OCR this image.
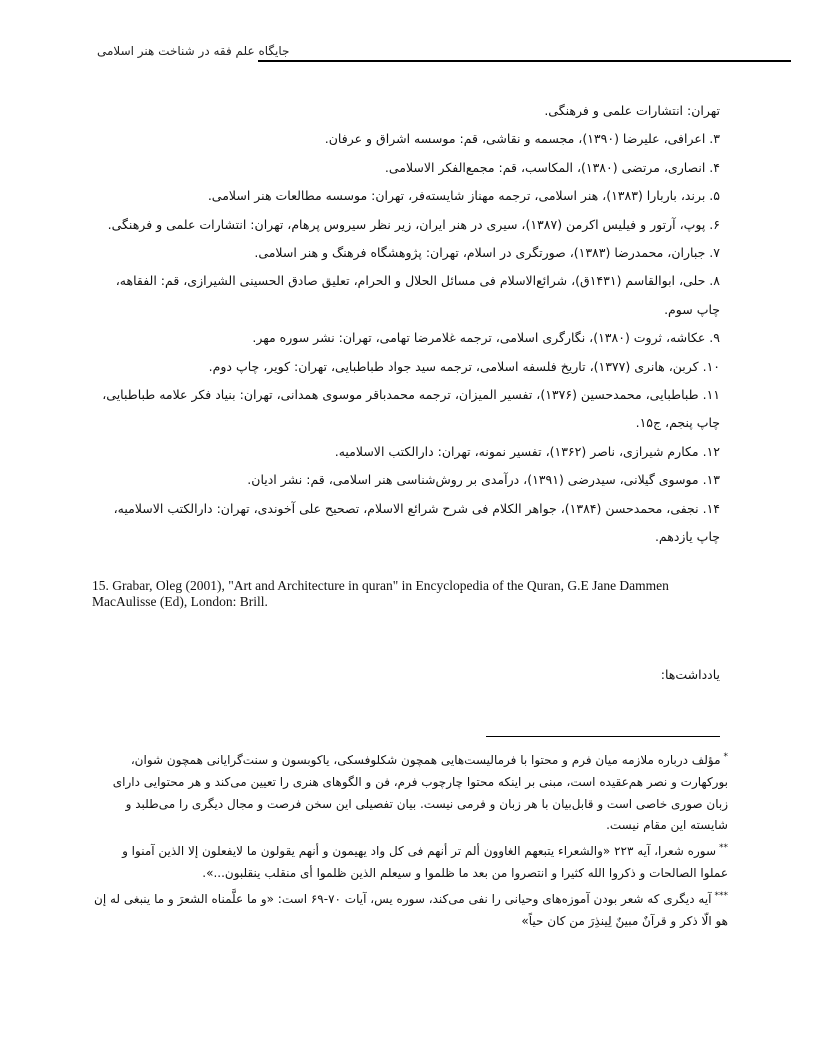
جایگاه علم فقه در شناخت هنر اسلامی

تهران: انتشارات علمی و فرهنگی.

۳. اعرافی، علیرضا (۱۳۹۰)، مجسمه و نقاشی، قم: موسسه اشراق و عرفان.

۴. انصاری، مرتضی (۱۳۸۰)، المکاسب، قم: مجمع‌الفکر الاسلامی.

۵. برند، باربارا (۱۳۸۳)، هنر اسلامی، ترجمه مهناز شایسته‌فر، تهران: موسسه مطالعات هنر اسلامی.

۶. پوپ، آرتور و فیلیس اکرمن (۱۳۸۷)، سیری در هنر ایران، زیر نظر سیروس پرهام، تهران: انتشارات علمی و فرهنگی.

۷. جباران، محمدرضا (۱۳۸۳)، صورتگری در اسلام، تهران: پژوهشگاه فرهنگ و هنر اسلامی.

۸. حلی، ابوالقاسم (۱۴۳۱ق)، شرائع‌الاسلام فی مسائل الحلال و الحرام، تعلیق صادق الحسینی الشیرازی، قم: الفقاهه، چاپ سوم.

۹. عکاشه، ثروت (۱۳۸۰)، نگارگری اسلامی، ترجمه غلامرضا تهامی، تهران: نشر سوره مهر.

۱۰. کربن، هانری (۱۳۷۷)، تاریخ فلسفه اسلامی، ترجمه سید جواد طباطبایی، تهران: کویر، چاپ دوم.

۱۱. طباطبایی، محمدحسین (۱۳۷۶)، تفسیر المیزان، ترجمه محمدباقر موسوی همدانی، تهران: بنیاد فکر علامه طباطبایی، چاپ پنجم، ج۱۵.

۱۲. مکارم شیرازی، ناصر (۱۳۶۲)، تفسیر نمونه، تهران: دارالکتب الاسلامیه.

۱۳. موسوی گیلانی، سیدرضی (۱۳۹۱)، درآمدی بر روش‌شناسی هنر اسلامی، قم: نشر ادیان.

۱۴. نجفی، محمدحسن (۱۳۸۴)، جواهر الکلام فی شرح شرائع الاسلام، تصحیح علی آخوندی، تهران: دارالکتب الاسلامیه، چاپ یازدهم.

15. Grabar, Oleg (2001), "Art and Architecture in quran" in Encyclopedia of the Quran, G.E Jane Dammen MacAulisse (Ed), London: Brill.
یادداشت‌ها:

*مؤلف درباره ملازمه میان فرم و محتوا با فرمالیست‌هایی همچون شکلوفسکی، یاکوبسون و سنت‌گرایانی همچون شوان، بورکهارت و نصر هم‌عقیده است، مبنی بر اینکه محتوا چارچوب فرم، فن و الگوهای هنری را تعیین می‌کند و هر محتوایی دارای زبان صوری خاصی است و قابل‌بیان با هر زبان و فرمی نیست. بیان تفصیلی این سخن فرصت و مجال دیگری را می‌طلبد و شایسته این مقام نیست.

**سوره شعرا، آیه ۲۲۳ «والشعراء یتبعهم الغاوون ألم تر أنهم فی کل واد یهیمون و أنهم یقولون ما لایفعلون إلا الذین آمنوا و عملوا الصالحات و ذکروا الله کثیرا و انتصروا من بعد ما ظلموا و سیعلم الذین ظلموا أی منقلب ینقلبون...».

***آیه دیگری که شعر بودن آموزه‌های وحیانی را نفی می‌کند، سوره یس، آیات ۷۰-۶۹ است: «و ما علَّمناه الشعرَ و ما ینبغی له إن هو الّا ذکر و قرآنٌ مبینٌ لِینذِرَ من کان حیاً»
